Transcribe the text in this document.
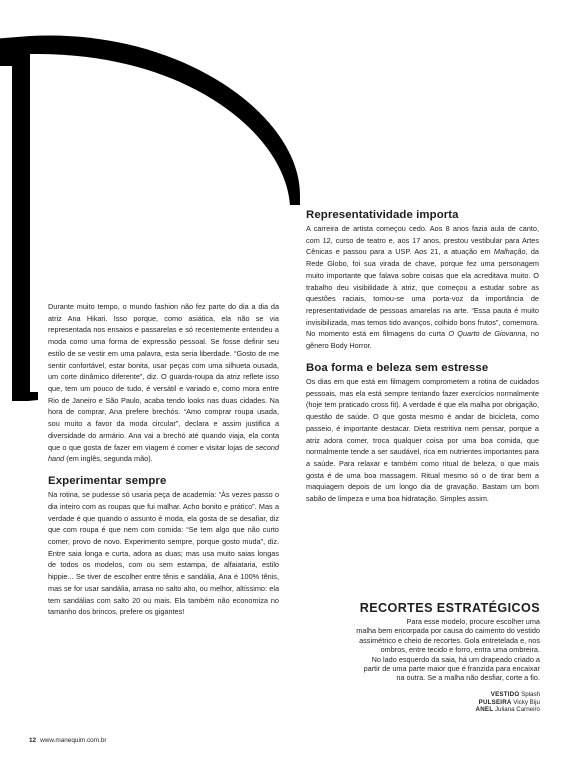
Durante muito tempo, o mundo fashion não fez parte do dia a dia da atriz Ana Hikari. Isso porque, como asiática, ela não se via representada nos ensaios e passarelas e só recentemente entendeu a moda como uma forma de expressão pessoal. Se fosse definir seu estilo de se vestir em uma palavra, esta seria liberdade. “Gosto de me sentir confortável, estar bonita, usar peças com uma silhueta ousada, um corte dinâmico diferente”, diz. O guarda-roupa da atriz reflete isso que, tem um pouco de tudo, é versátil e variado e, como mora entre Rio de Janeiro e São Paulo, acaba tendo looks nas duas cidades. Na hora de comprar, Ana prefere brechós. “Amo comprar roupa usada, sou muito a favor da moda circular”, declara e assim justifica a diversidade do armário. Ana vai a brechó até quando viaja, ela conta que o que gosta de fazer em viagem é comer e visitar lojas de second hand (em inglês, segunda mão).

Experimentar sempre

Na rotina, se pudesse só usaria peça de academia: “Às vezes passo o dia inteiro com as roupas que fui malhar. Acho bonito e prático”. Mas a verdade é que quando o assunto é moda, ela gosta de se desafiar, diz que com roupa é que nem com comida: “Se tem algo que não curto comer, provo de novo. Experimento sempre, porque gosto muda”, diz. Entre saia longa e curta, adora as duas; mas usa muito saias longas de todos os modelos, com ou sem estampa, de alfaiataria, estilo hippie... Se tiver de escolher entre tênis e sandália, Ana é 100% tênis, mas se for usar sandália, arrasa no salto alto, ou melhor, altíssimo: ela tem sandálias com salto 20 ou mais. Ela também não economiza no tamanho dos brincos, prefere os gigantes!

Representatividade importa

A carreira de artista começou cedo. Aos 8 anos fazia aula de canto, com 12, curso de teatro e, aos 17 anos, prestou vestibular para Artes Cênicas e passou para a USP. Aos 21, a atuação em Malhação, da Rede Globo, foi sua virada de chave, porque fez uma personagem muito importante que falava sobre coisas que ela acreditava muito. O trabalho deu visibilidade à atriz, que começou a estudar sobre as questões raciais, tornou-se uma porta-voz da importância de representatividade de pessoas amarelas na arte. “Essa pauta é muito invisibilizada, mas temos tido avanços, colhido bons frutos”, comemora. No momento está em filmagens do curta O Quarto de Giovanna, no gênero Body Horror.

Boa forma e beleza sem estresse

Os dias em que está em filmagem comprometem a rotina de cuidados pessoais, mas ela está sempre tentando fazer exercícios normalmente (hoje tem praticado cross fit). A verdade é que ela malha por obrigação, questão de saúde. O que gosta mesmo é andar de bicicleta, como passeio, é importante destacar. Dieta restritiva nem pensar, porque a atriz adora comer, troca qualquer coisa por uma boa comida, que normalmente tende a ser saudável, rica em nutrientes importantes para a saúde. Para relaxar e também como ritual de beleza, o que mais gosta é de uma boa massagem. Ritual mesmo só o de tirar bem a maquiagem depois de um longo dia de gravação. Bastam um bom sabão de limpeza e uma boa hidratação. Simples assim.

RECORTES ESTRATÉGICOS
Para esse modelo, procure escolher uma
malha bem encorpada por causa do caimento do vestido
assimétrico e cheio de recortes. Gola entretelada e, nos
ombros, entre tecido e forro, entra uma ombreira.
No lado esquerdo da saia, há um drapeado criado a
partir de uma parte maior que é franzida para encaixar
na outra. Se a malha não desfiar, corte a fio.
VESTIDO Splash
PULSEIRA Vicky Biju
ANEL Juliana Carneiro
12 www.manequim.com.br
